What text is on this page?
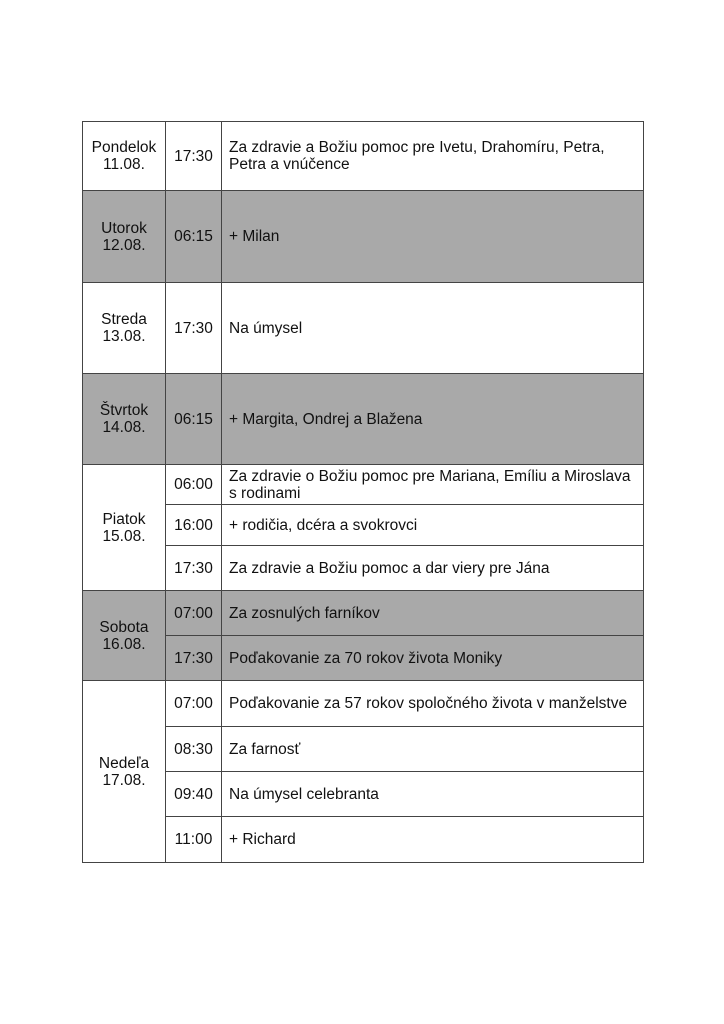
Pondelok
11.08.	17:30	Za zdravie a Božiu pomoc pre Ivetu, Drahomíru, Petra, Petra a vnúčence

Utorok
12.08.	06:15	+ Milan

Streda
13.08.	17:30	Na úmysel

Štvrtok
14.08.	06:15	+ Margita, Ondrej a Blažena

Piatok
15.08.	06:00	Za zdravie o Božiu pomoc pre Mariana, Emíliu a Miroslava s rodinami

	16:00	+ rodičia, dcéra a svokrovci

	17:30	Za zdravie a Božiu pomoc a dar viery pre Jána

Sobota
16.08.	07:00	Za zosnulých farníkov

	17:30	Poďakovanie za 70 rokov života Moniky

Nedeľa
17.08.	07:00	Poďakovanie za 57 rokov spoločného života v manželstve

	08:30	Za farnosť

	09:40	Na úmysel celebranta

	11:00	+ Richard
